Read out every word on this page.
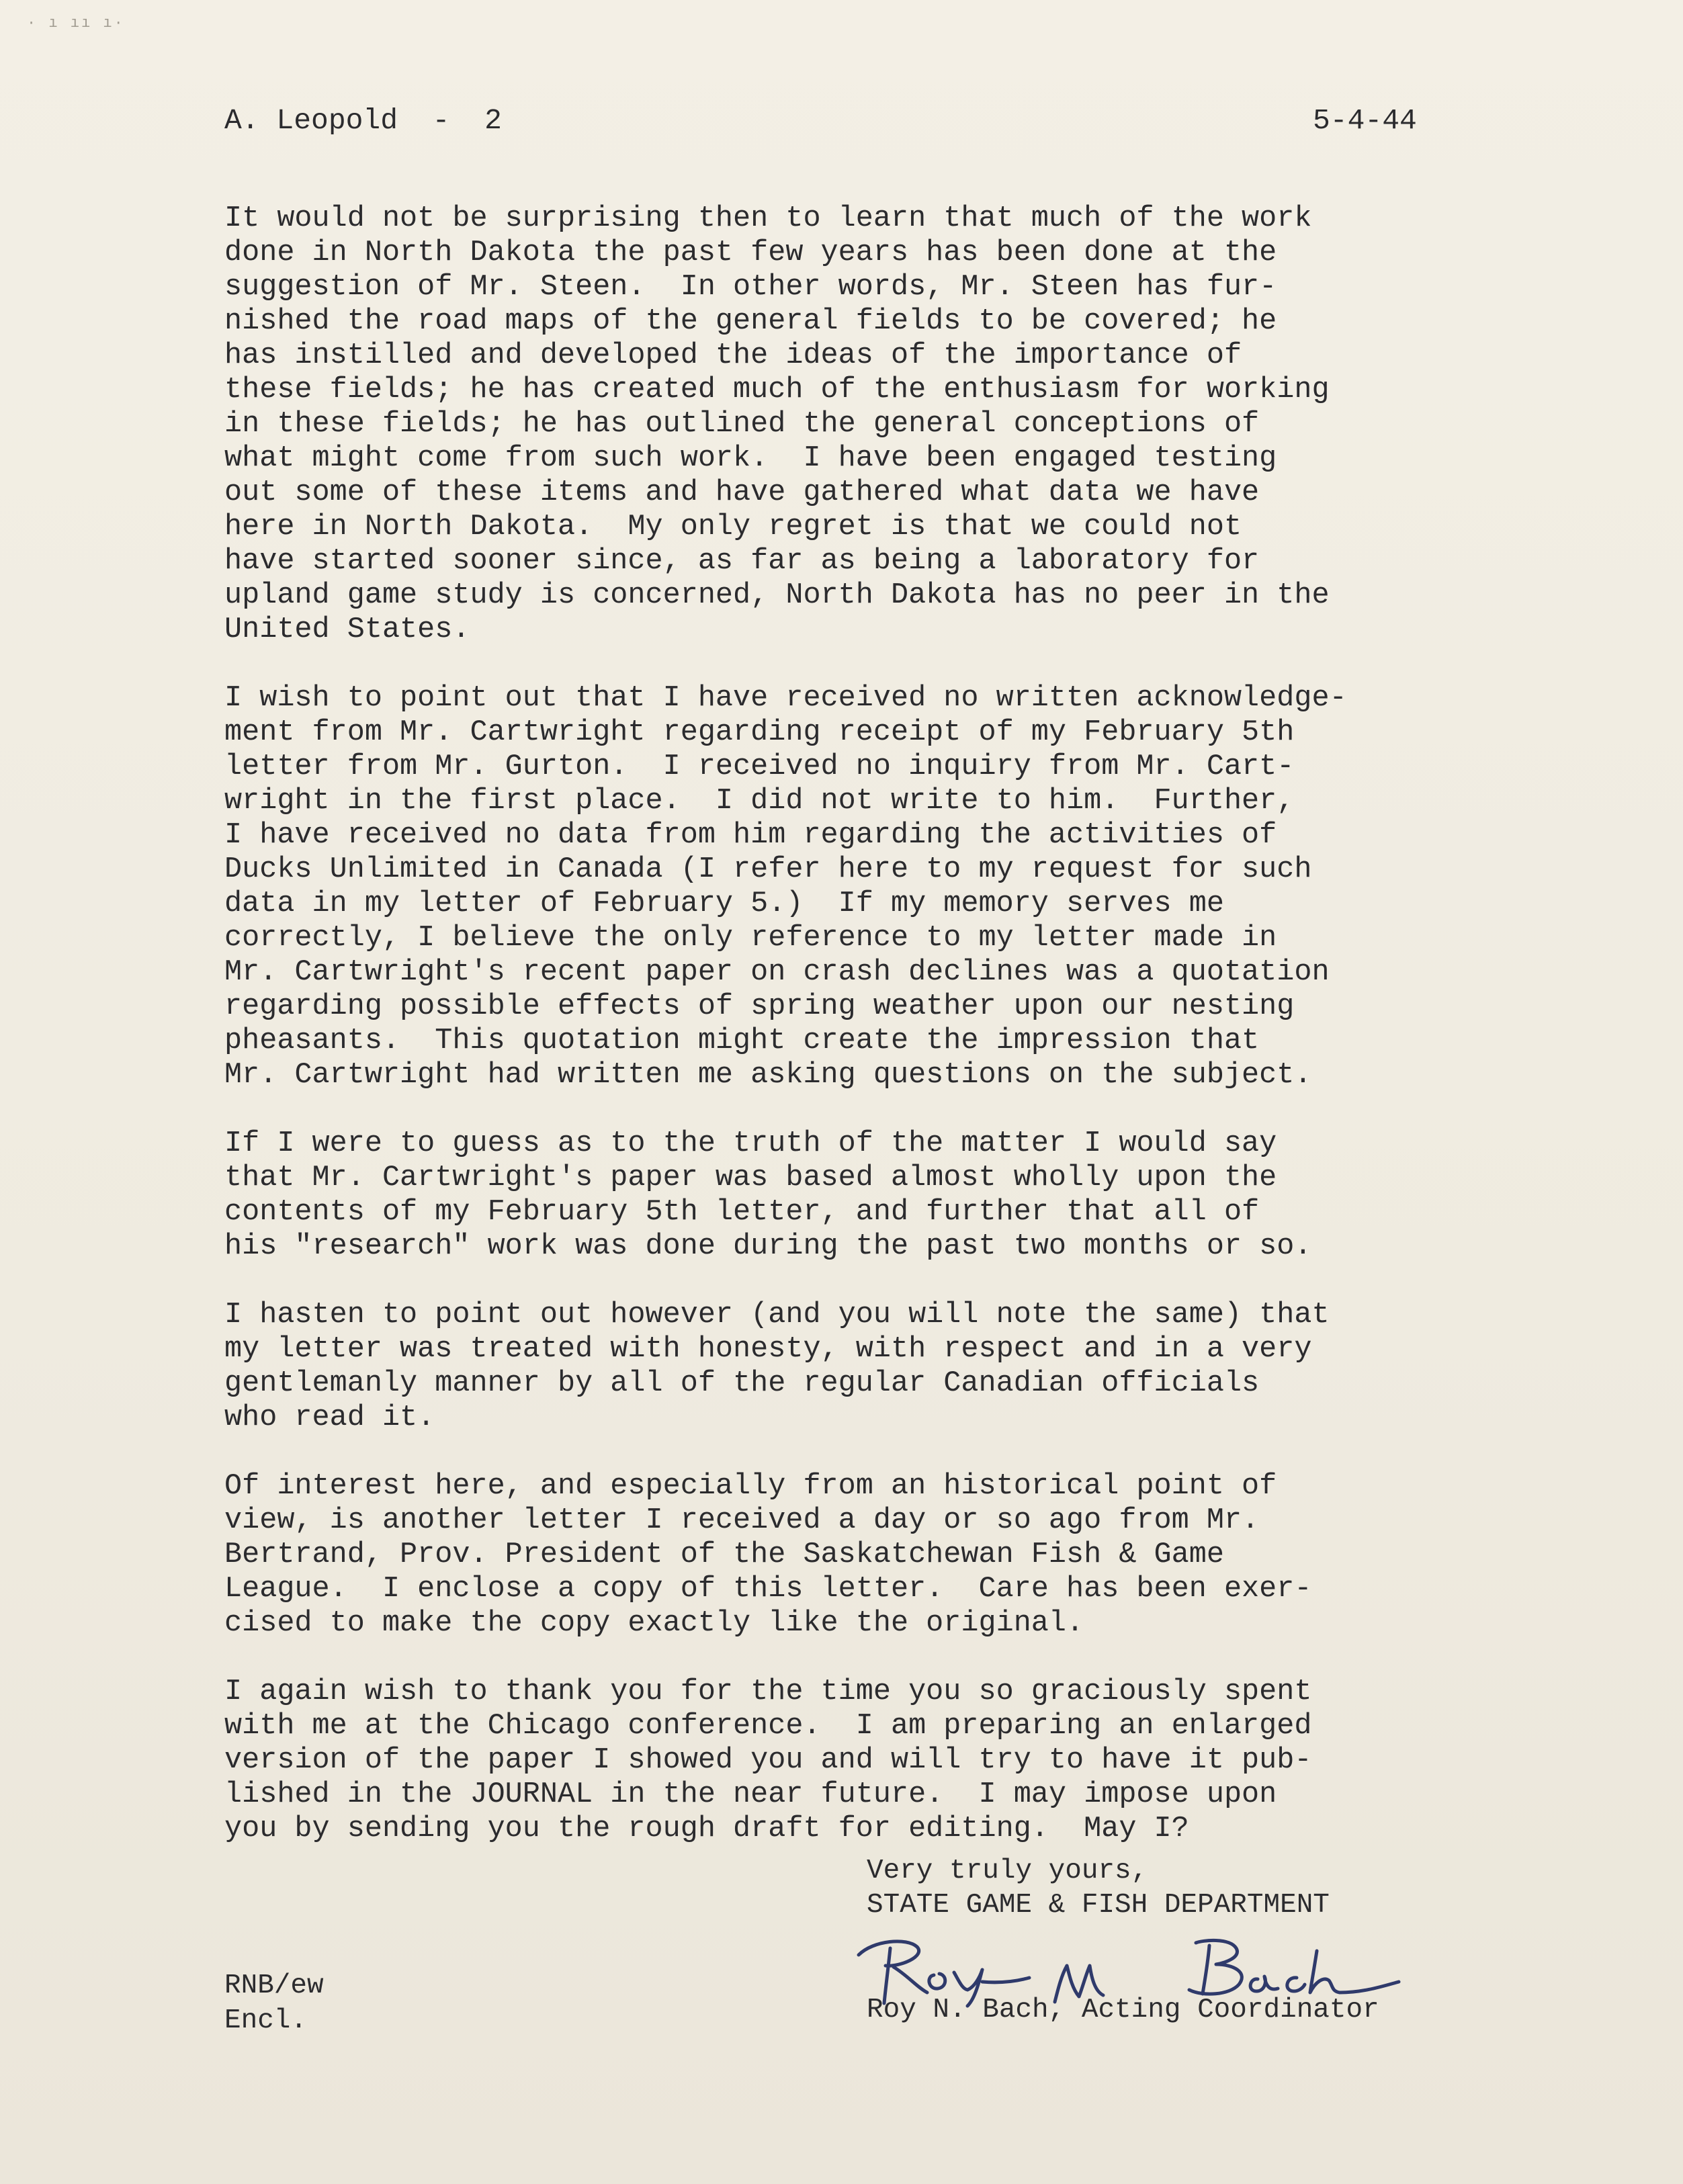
· ı ıı ı·
A. Leopold  -  2	5-4-44
It would not be surprising then to learn that much of the work
done in North Dakota the past few years has been done at the
suggestion of Mr. Steen.  In other words, Mr. Steen has fur-
nished the road maps of the general fields to be covered; he
has instilled and developed the ideas of the importance of
these fields; he has created much of the enthusiasm for working
in these fields; he has outlined the general conceptions of
what might come from such work.  I have been engaged testing
out some of these items and have gathered what data we have
here in North Dakota.  My only regret is that we could not
have started sooner since, as far as being a laboratory for
upland game study is concerned, North Dakota has no peer in the
United States.
I wish to point out that I have received no written acknowledge-
ment from Mr. Cartwright regarding receipt of my February 5th
letter from Mr. Gurton.  I received no inquiry from Mr. Cart-
wright in the first place.  I did not write to him.  Further,
I have received no data from him regarding the activities of
Ducks Unlimited in Canada (I refer here to my request for such
data in my letter of February 5.)  If my memory serves me
correctly, I believe the only reference to my letter made in
Mr. Cartwright's recent paper on crash declines was a quotation
regarding possible effects of spring weather upon our nesting
pheasants.  This quotation might create the impression that
Mr. Cartwright had written me asking questions on the subject.
If I were to guess as to the truth of the matter I would say
that Mr. Cartwright's paper was based almost wholly upon the
contents of my February 5th letter, and further that all of
his "research" work was done during the past two months or so.
I hasten to point out however (and you will note the same) that
my letter was treated with honesty, with respect and in a very
gentlemanly manner by all of the regular Canadian officials
who read it.
Of interest here, and especially from an historical point of
view, is another letter I received a day or so ago from Mr.
Bertrand, Prov. President of the Saskatchewan Fish & Game
League.  I enclose a copy of this letter.  Care has been exer-
cised to make the copy exactly like the original.
I again wish to thank you for the time you so graciously spent
with me at the Chicago conference.  I am preparing an enlarged
version of the paper I showed you and will try to have it pub-
lished in the JOURNAL in the near future.  I may impose upon
you by sending you the rough draft for editing.  May I?
Very truly yours,
STATE GAME & FISH DEPARTMENT
Roy N. Bach, Acting Coordinator
RNB/ew
Encl.
